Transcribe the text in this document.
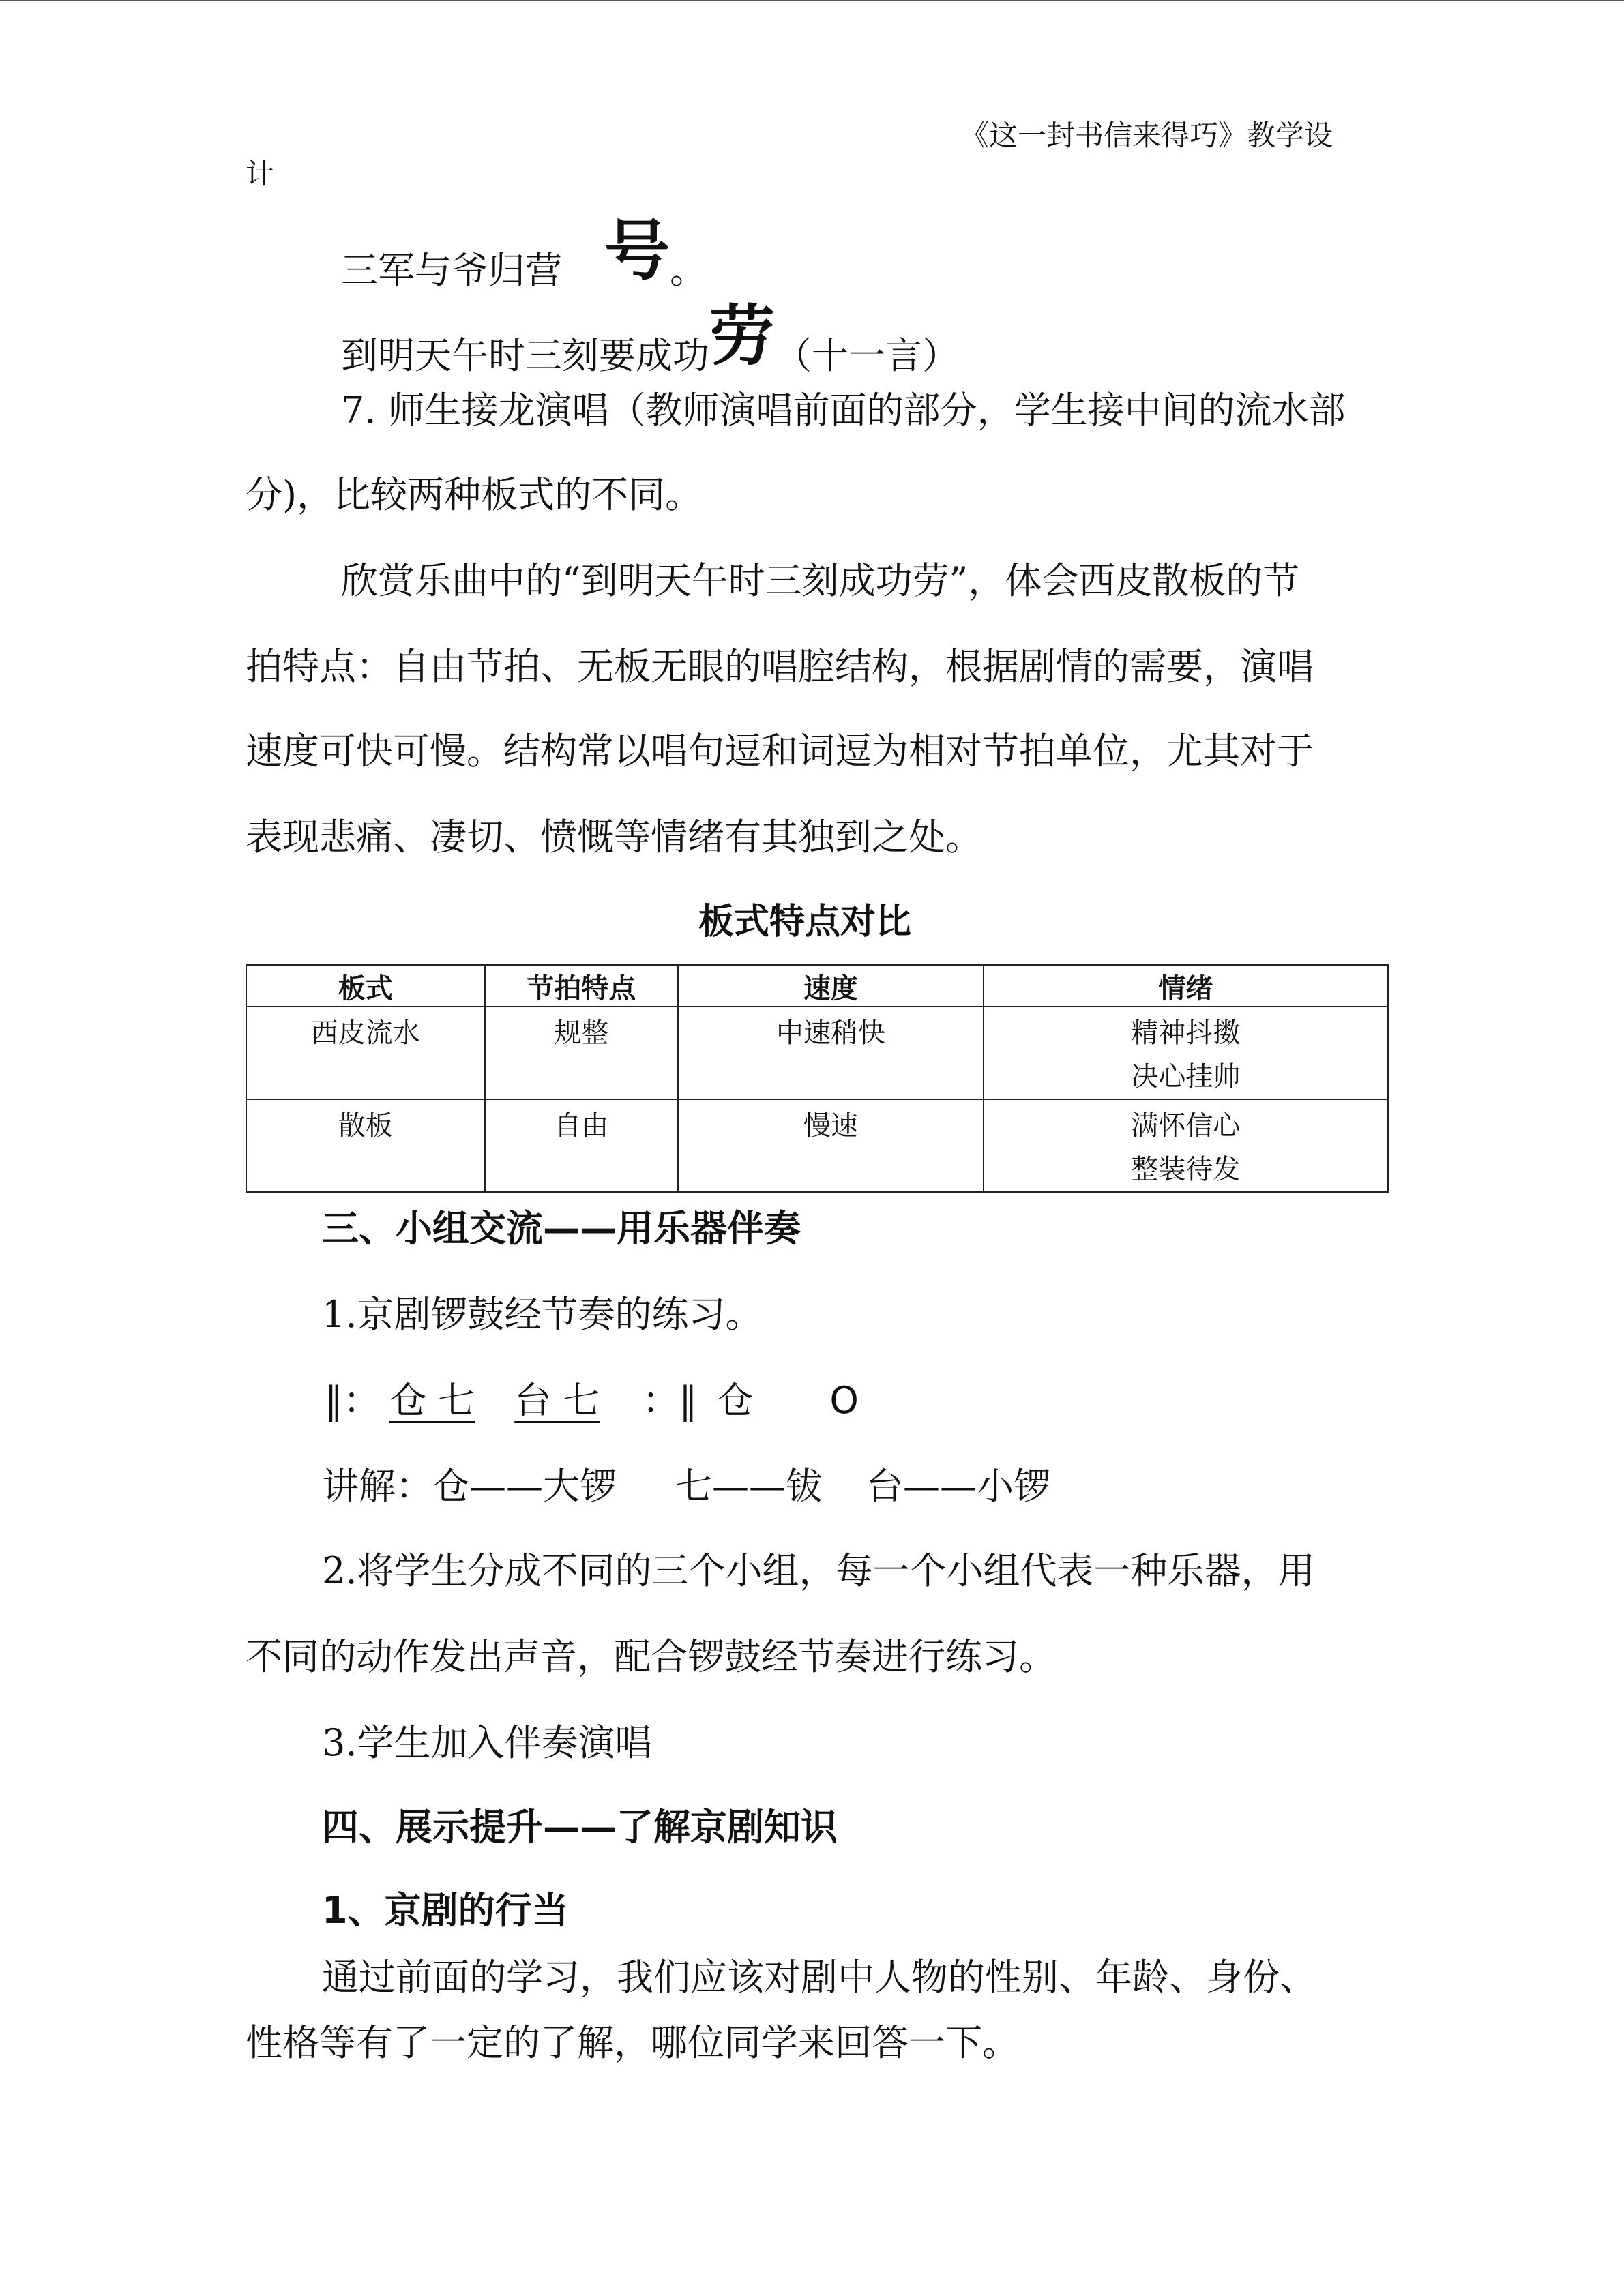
《这一封书信来得巧》教学设
计
三军与爷归营 号。
到明天午时三刻要成功劳（十一言）
7. 师生接龙演唱（教师演唱前面的部分，学生接中间的流水部
分)，比较两种板式的不同。
欣赏乐曲中的“到明天午时三刻成功劳”，体会西皮散板的节
拍特点：自由节拍、无板无眼的唱腔结构，根据剧情的需要，演唱
速度可快可慢。结构常以唱句逗和词逗为相对节拍单位，尤其对于
表现悲痛、凄切、愤慨等情绪有其独到之处。
板式特点对比
板式	节拍特点	速度	情绪
西皮流水	规整	中速稍快	精神抖擞
决心挂帅

散板	自由	慢速	满怀信心
整装待发
三、小组交流——用乐器伴奏
1.京剧锣鼓经节奏的练习。
‖： 仓 七 台 七 ：‖ 仓 O
讲解：仓——大锣 七——钹 台——小锣
2.将学生分成不同的三个小组，每一个小组代表一种乐器，用
不同的动作发出声音，配合锣鼓经节奏进行练习。
3.学生加入伴奏演唱
四、展示提升——了解京剧知识
1、京剧的行当
通过前面的学习，我们应该对剧中人物的性别、年龄、身份、
性格等有了一定的了解，哪位同学来回答一下。
